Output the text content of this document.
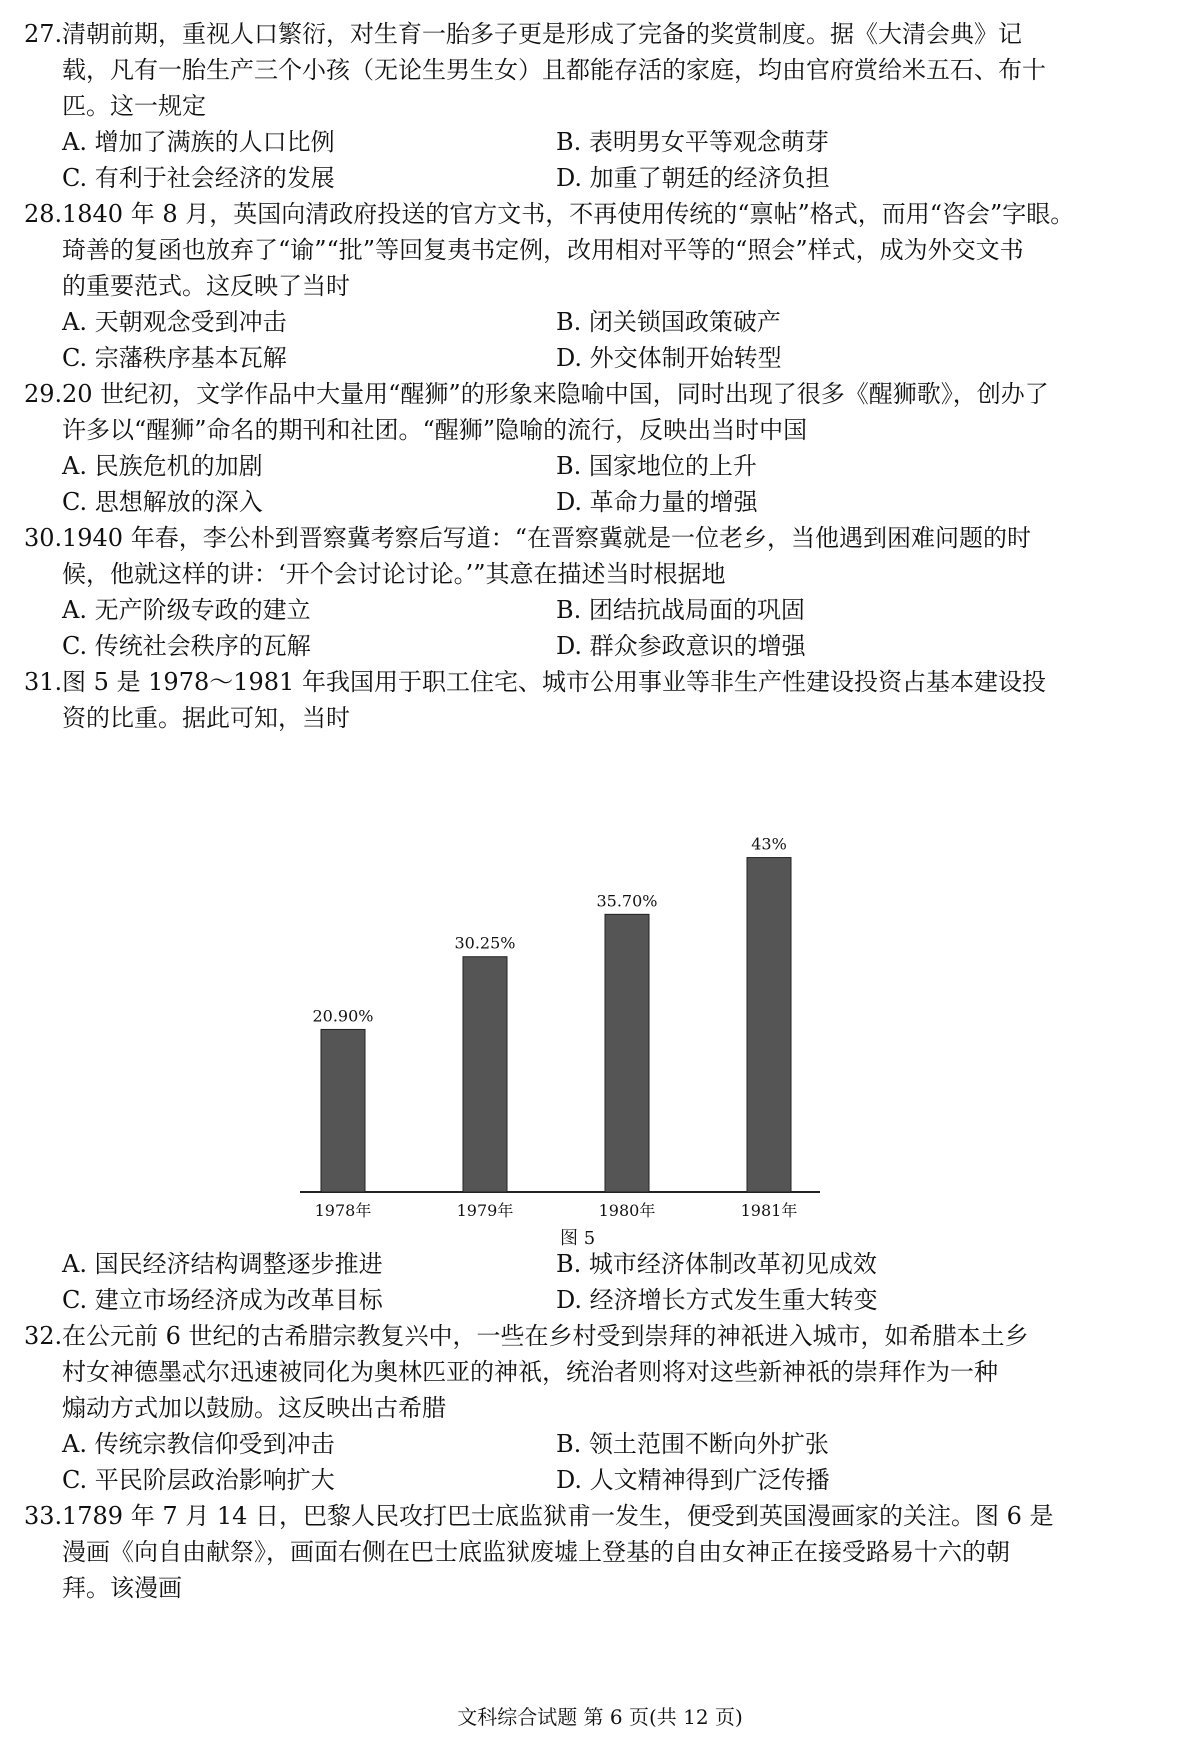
27. 清朝前期，重视人口繁衍，对生育一胎多子更是形成了完备的奖赏制度。据《大清会典》记
载，凡有一胎生产三个小孩（无论生男生女）且都能存活的家庭，均由官府赏给米五石、布十
匹。这一规定
A. 增加了满族的人口比例	B. 表明男女平等观念萌芽
C. 有利于社会经济的发展	D. 加重了朝廷的经济负担
28. 1840 年 8 月，英国向清政府投送的官方文书，不再使用传统的“禀帖”格式，而用“咨会”字眼。
琦善的复函也放弃了“谕”“批”等回复夷书定例，改用相对平等的“照会”样式，成为外交文书
的重要范式。这反映了当时
A. 天朝观念受到冲击	B. 闭关锁国政策破产
C. 宗藩秩序基本瓦解	D. 外交体制开始转型
29. 20 世纪初，文学作品中大量用“醒狮”的形象来隐喻中国，同时出现了很多《醒狮歌》，创办了
许多以“醒狮”命名的期刊和社团。“醒狮”隐喻的流行，反映出当时中国
A. 民族危机的加剧	B. 国家地位的上升
C. 思想解放的深入	D. 革命力量的增强
30. 1940 年春，李公朴到晋察冀考察后写道：“在晋察冀就是一位老乡，当他遇到困难问题的时
候，他就这样的讲：‘开个会讨论讨论。’”其意在描述当时根据地
A. 无产阶级专政的建立	B. 团结抗战局面的巩固
C. 传统社会秩序的瓦解	D. 群众参政意识的增强
31. 图 5 是 1978～1981 年我国用于职工住宅、城市公用事业等非生产性建设投资占基本建设投
资的比重。据此可知，当时
A. 国民经济结构调整逐步推进	B. 城市经济体制改革初见成效
C. 建立市场经济成为改革目标	D. 经济增长方式发生重大转变
32. 在公元前 6 世纪的古希腊宗教复兴中，一些在乡村受到崇拜的神祇进入城市，如希腊本土乡
村女神德墨忒尔迅速被同化为奥林匹亚的神祇，统治者则将对这些新神祇的崇拜作为一种
煽动方式加以鼓励。这反映出古希腊
A. 传统宗教信仰受到冲击	B. 领土范围不断向外扩张
C. 平民阶层政治影响扩大	D. 人文精神得到广泛传播
33. 1789 年 7 月 14 日，巴黎人民攻打巴士底监狱甫一发生，便受到英国漫画家的关注。图 6 是
漫画《向自由献祭》，画面右侧在巴士底监狱废墟上登基的自由女神正在接受路易十六的朝
拜。该漫画
20.90%
1978年
30.25%
1979年
35.70%
1980年
43%
1981年
图 5
文科综合试题 第 6 页(共 12 页)
